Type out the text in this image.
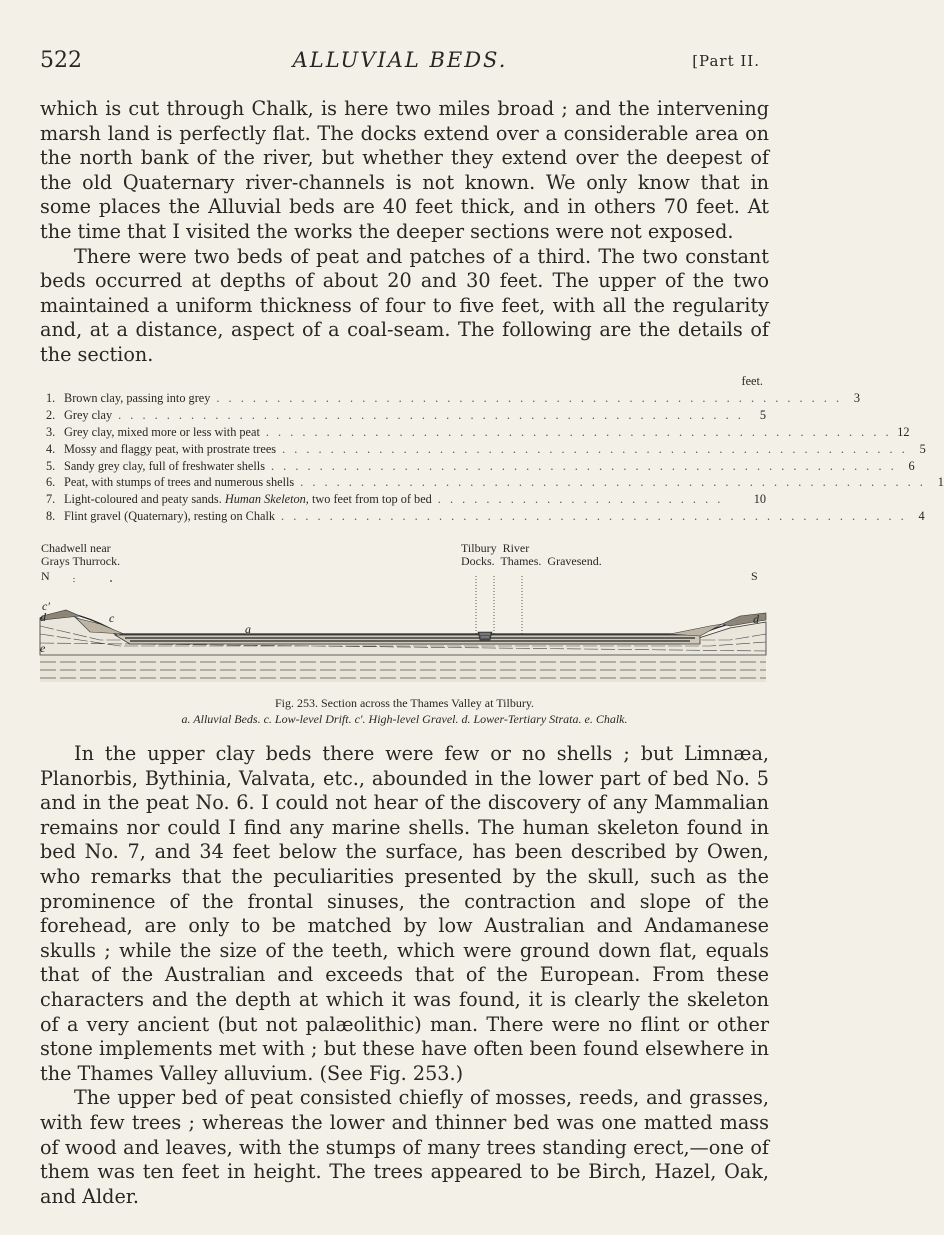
522	ALLUVIAL BEDS.	[Part II.

which is cut through Chalk, is here two miles broad ; and the intervening marsh land is perfectly flat. The docks extend over a considerable area on the north bank of the river, but whether they extend over the deepest of the old Quaternary river-channels is not known. We only know that in some places the Alluvial beds are 40 feet thick, and in others 70 feet. At the time that I visited the works the deeper sections were not exposed.

There were two beds of peat and patches of a third. The two constant beds occurred at depths of about 20 and 30 feet. The upper of the two maintained a uniform thickness of four to five feet, with all the regularity and, at a distance, aspect of a coal-seam. The following are the details of the section.

feet.
1. Brown clay, passing into grey . . . . . . . . . . . . . . . . . . . . . . . . . . . . . . . . . . . . . . . . . . . . . . . . . . . . 3
2. Grey clay . . . . . . . . . . . . . . . . . . . . . . . . . . . . . . . . . . . . . . . . . . . . . . . . . . . .	5
3. Grey clay, mixed more or less with peat . . . . . . . . . . . . . . . . . . . . . . . . . . . . . . . . . . . . . . . . . . . . . . . . . . . . 12
4. Mossy and flaggy peat, with prostrate trees . . . . . . . . . . . . . . . . . . . . . . . . . . . . . . . . . . . . . . . . . . . . . . . . . . . . 5
5. Sandy grey clay, full of freshwater shells . . . . . . . . . . . . . . . . . . . . . . . . . . . . . . . . . . . . . . . . . . . . . . . . . . . . 6
6. Peat, with stumps of trees and numerous shells . . . . . . . . . . . . . . . . . . . . . . . . . . . . . . . . . . . . . . . . . . . . . . . . . . . . 1
7. Light-coloured and peaty sands. Human Skeleton, two feet from top of bed . . . . . . . . . . . . . . . . . . . . . . . .	10
8. Flint gravel (Quaternary), resting on Chalk . . . . . . . . . . . . . . . . . . . . . . . . . . . . . . . . . . . . . . . . . . . . . . . . . . . . 4
Chadwell near
Grays Thurrock.
Tilbury  River
Docks.  Thames.  Gravesend.
N	S
c′
d	c
a
e
d
Fig. 253. Section across the Thames Valley at Tilbury.
a. Alluvial Beds. c. Low-level Drift. c′. High-level Gravel. d. Lower-Tertiary Strata. e. Chalk.

In the upper clay beds there were few or no shells ; but Limnæa, Planorbis, Bythinia, Valvata, etc., abounded in the lower part of bed No. 5 and in the peat No. 6. I could not hear of the discovery of any Mammalian remains nor could I find any marine shells. The human skeleton found in bed No. 7, and 34 feet below the surface, has been described by Owen, who remarks that the peculiarities presented by the skull, such as the prominence of the frontal sinuses, the contraction and slope of the forehead, are only to be matched by low Australian and Andamanese skulls ; while the size of the teeth, which were ground down flat, equals that of the Australian and exceeds that of the European. From these characters and the depth at which it was found, it is clearly the skeleton of a very ancient (but not palæolithic) man. There were no flint or other stone implements met with ; but these have often been found elsewhere in the Thames Valley alluvium. (See Fig. 253.)

The upper bed of peat consisted chiefly of mosses, reeds, and grasses, with few trees ; whereas the lower and thinner bed was one matted mass of wood and leaves, with the stumps of many trees standing erect,—one of them was ten feet in height. The trees appeared to be Birch, Hazel, Oak, and Alder.
